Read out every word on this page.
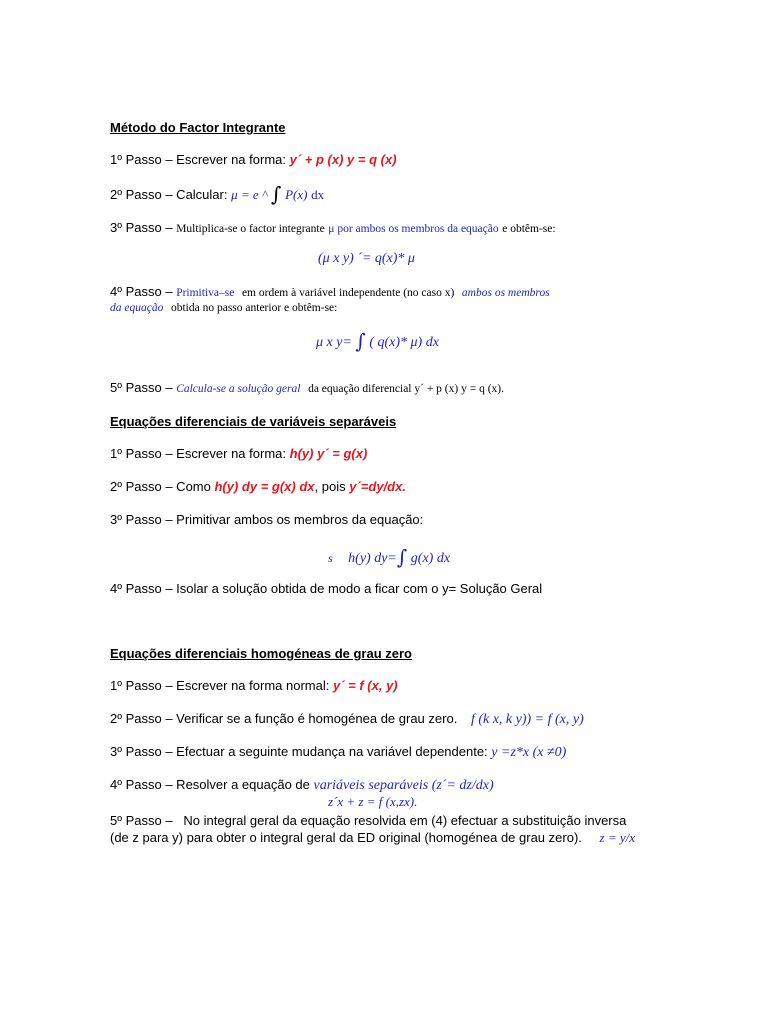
Método do Factor Integrante
1º Passo – Escrever na forma: y´ + p (x) y = q (x)
2º Passo – Calcular: μ = e ^ ∫ P(x) dx
3º Passo – Multiplica-se o factor integrante μ por ambos os membros da equação e obtêm-se:
(μ x y) ´= q(x)* μ
4º Passo – Primitiva–se em ordem à variável independente (no caso x) ambos os membros
da equação obtida no passo anterior e obtêm-se:
μ x y= ∫ ( q(x)* μ) dx
5º Passo – Calcula-se a solução geral da equação diferencial y´ + p (x) y = q (x).
Equações diferenciais de variáveis separáveis
1º Passo – Escrever na forma: h(y) y´ = g(x)
2º Passo – Como h(y) dy = g(x) dx, pois y´=dy/dx.
3º Passo – Primitivar ambos os membros da equação:
s h(y) dy=∫ g(x) dx
4º Passo – Isolar a solução obtida de modo a ficar com o y= Solução Geral
Equações diferenciais homogéneas de grau zero
1º Passo – Escrever na forma normal: y´ = f (x, y)
2º Passo – Verificar se a função é homogénea de grau zero. f (k x, k y)) = f (x, y)
3º Passo – Efectuar a seguinte mudança na variável dependente: y =z*x (x ≠0)
4º Passo – Resolver a equação de variáveis separáveis (z´= dz/dx)
z´x + z = f (x,zx).
5º Passo – No integral geral da equação resolvida em (4) efectuar a substituição inversa (de z para y) para obter o integral geral da ED original (homogénea de grau zero). z = y/x
